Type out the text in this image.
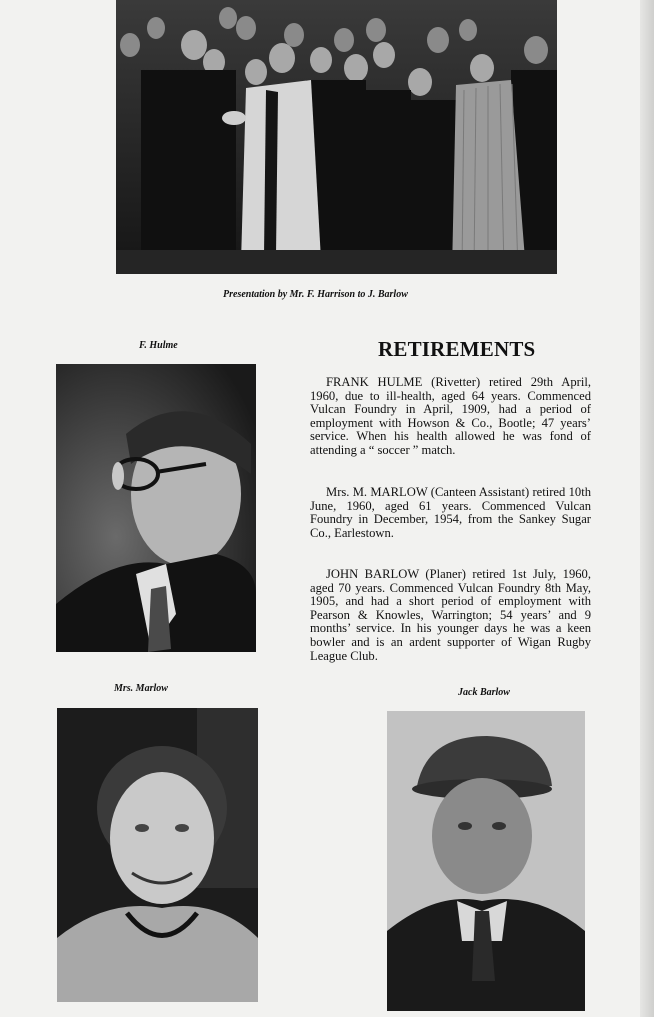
Presentation by Mr. F. Harrison to J. Barlow
RETIREMENTS
F. Hulme
Mrs. Marlow	Jack Barlow

FRANK HULME (Rivetter) retired 29th April, 1960, due to ill-health, aged 64 years. Commenced Vulcan Foundry in April, 1909, had a period of employment with Howson & Co., Bootle; 47 years’ service. When his health allowed he was fond of attending a “ soccer ” match.

Mrs. M. MARLOW (Canteen Assistant) retired 10th June, 1960, aged 61 years. Commenced Vulcan Foundry in December, 1954, from the Sankey Sugar Co., Earlestown.

JOHN BARLOW (Planer) retired 1st July, 1960, aged 70 years. Commenced Vulcan Foundry 8th May, 1905, and had a short period of employment with Pearson & Knowles, Warrington; 54 years’ and 9 months’ service. In his younger days he was a keen bowler and is an ardent supporter of Wigan Rugby League Club.
